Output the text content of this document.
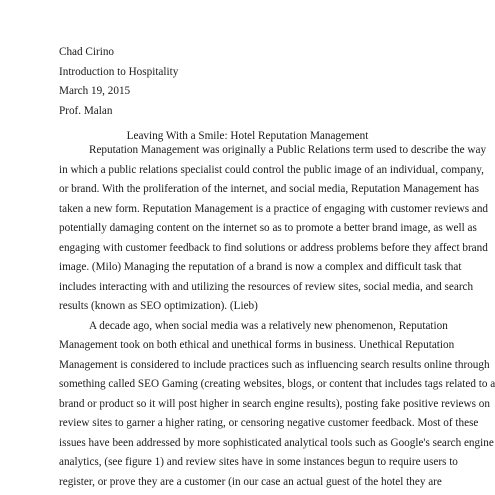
Chad Cirino
Introduction to Hospitality
March 19, 2015
Prof. Malan
Leaving With a Smile: Hotel Reputation Management
Reputation Management was originally a Public Relations term used to describe the way
in which a public relations specialist could control the public image of an individual, company,
or brand. With the proliferation of the internet, and social media, Reputation Management has
taken a new form. Reputation Management is a practice of engaging with customer reviews and
potentially damaging content on the internet so as to promote a better brand image, as well as
engaging with customer feedback to find solutions or address problems before they affect brand
image. (Milo) Managing the reputation of a brand is now a complex and difficult task that
includes interacting with and utilizing the resources of review sites, social media, and search
results (known as SEO optimization). (Lieb)
A decade ago, when social media was a relatively new phenomenon, Reputation
Management took on both ethical and unethical forms in business. Unethical Reputation
Management is considered to include practices such as influencing search results online through
something called SEO Gaming (creating websites, blogs, or content that includes tags related to a
brand or product so it will post higher in search engine results), posting fake positive reviews on
review sites to garner a higher rating, or censoring negative customer feedback. Most of these
issues have been addressed by more sophisticated analytical tools such as Google's search engine
analytics, (see figure 1) and review sites have in some instances begun to require users to
register, or prove they are a customer (in our case an actual guest of the hotel they are
